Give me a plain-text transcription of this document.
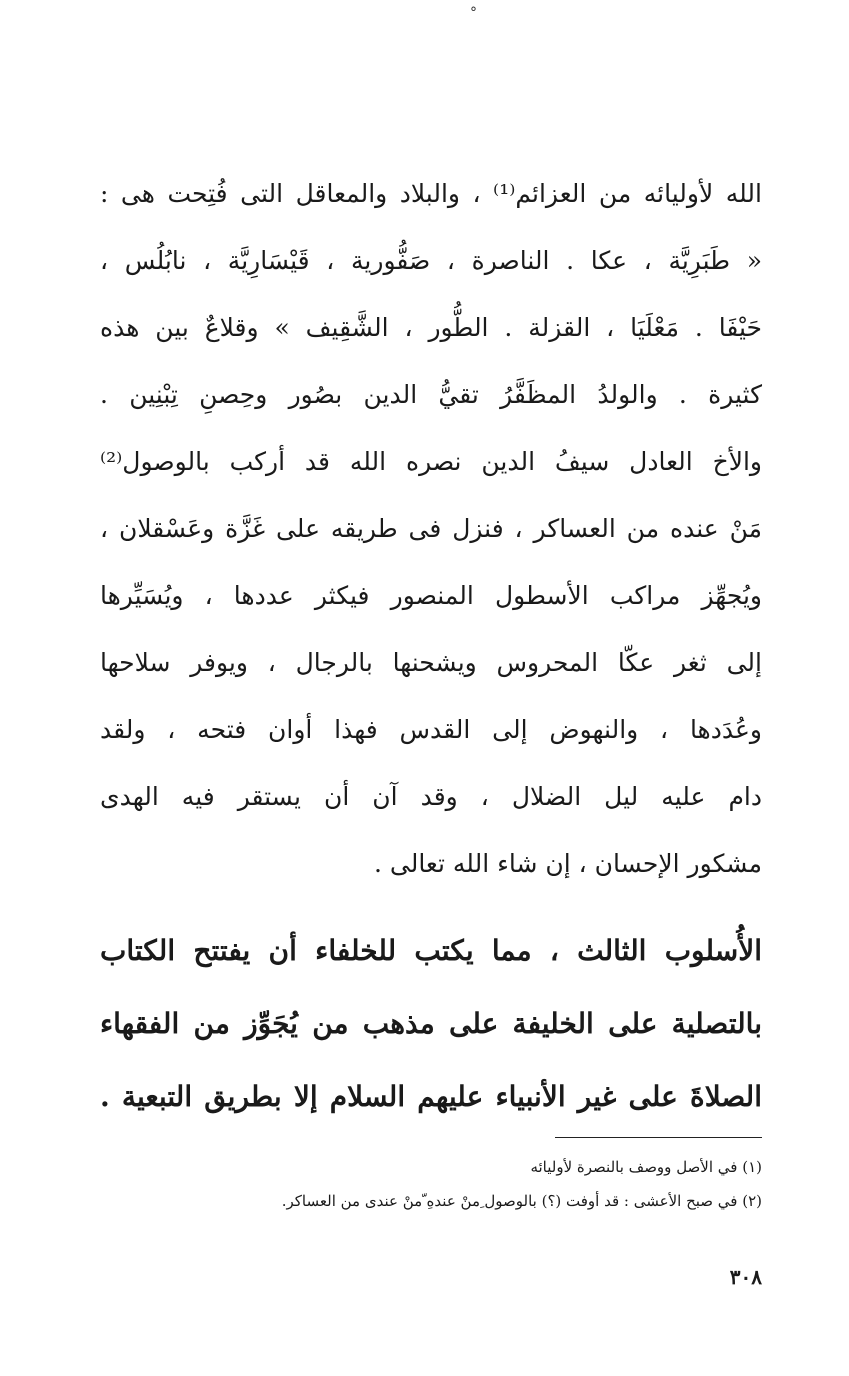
°
الله لأوليائه من العزائم⁽¹⁾ ، والبلاد والمعاقل التى فُتِحت هى :
« طَبَرِيَّة ، عكا . الناصرة ، صَفُّورية ، قَيْسَارِيَّة ، نابُلُس ،
حَيْفَا . مَعْلَيَا ، القزلة . الطُّور ، الشَّقِيف » وقلاعٌ بين هذه
كثيرة . والولدُ المظَفَّرُ تقيُّ الدين بصُور وحِصنِ تِبْنِين .
والأخ العادل سيفُ الدين نصره الله قد أركب بالوصول⁽²⁾
مَنْ عنده من العساكر ، فنزل فى طريقه على غَزَّة وعَسْقلان ،
ويُجهِّز مراكب الأسطول المنصور فيكثر عددها ، ويُسَيِّرها
إلى ثغر عكّا المحروس ويشحنها بالرجال ، ويوفر سلاحها
وعُدَدها ، والنهوض إلى القدس فهذا أوان فتحه ، ولقد
دام عليه ليل الضلال ، وقد آن أن يستقر فيه الهدى
مشكور الإحسان ، إن شاء الله تعالى .
الأُسلوب الثالث ، مما يكتب للخلفاء أن يفتتح الكتاب
بالتصلية على الخليفة على مذهب من يُجَوِّز من الفقهاء
الصلاةَ على غير الأنبياء عليهم السلام إلا بطريق التبعية .
(١) في الأصل ووصف بالنصرة لأوليائه
(٢) في صبح الأعشى : قد أوفت (؟) بالوصول ِمنْ عندهِ ّمنْ عندى من العساكر.
٣٠٨
